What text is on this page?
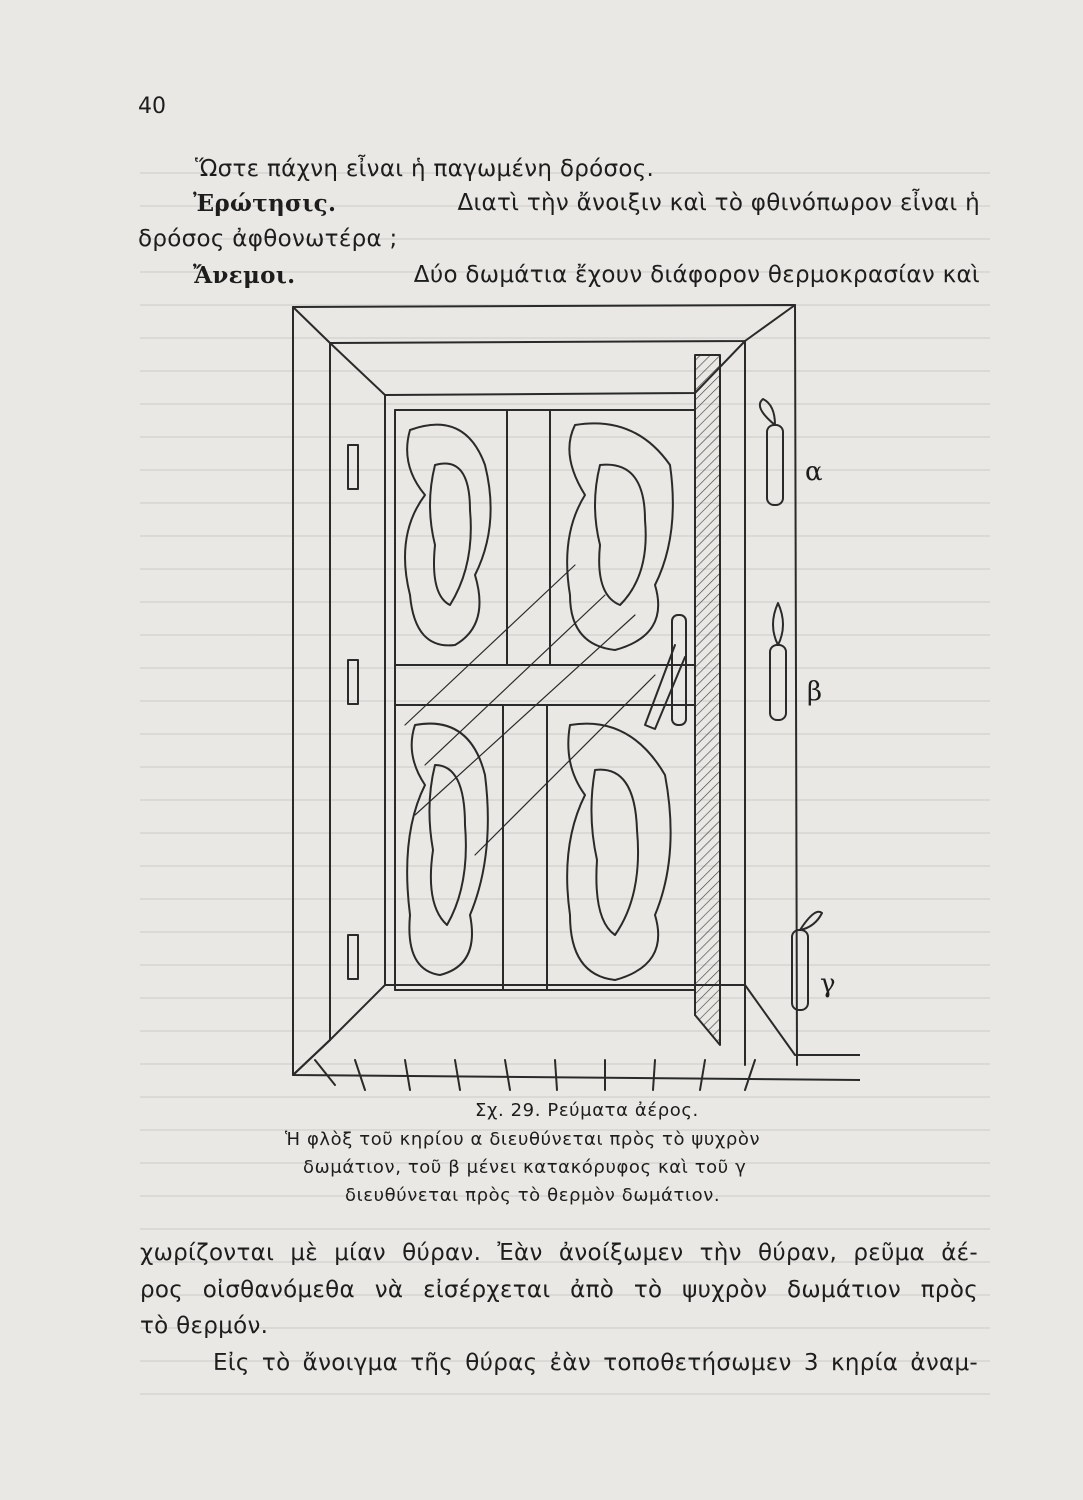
40
Ὥστε πάχνη εἶναι ἡ παγωμένη δρόσος.
Ἐρώτησις.	Διατὶ τὴν ἄνοιξιν καὶ τὸ φθινόπωρον εἶναι ἡ
δρόσος ἀφθονωτέρα ;
Ἄνεμοι.	Δύο δωμάτια ἔχουν διάφορον θερμοκρασίαν καὶ
α
β
γ
Σχ. 29. Ρεύματα ἀέρος.
Ἡ φλὸξ τοῦ κηρίου α διευθύνεται πρὸς τὸ ψυχρὸν
δωμάτιον, τοῦ β μένει κατακόρυφος καὶ τοῦ γ
διευθύνεται πρὸς τὸ θερμὸν δωμάτιον.
χωρίζονται μὲ μίαν θύραν. Ἐὰν ἀνοίξωμεν τὴν θύραν, ρεῦμα ἀέ-
ρος οἰσθανόμεθα νὰ εἰσέρχεται ἀπὸ τὸ ψυχρὸν δωμάτιον πρὸς
τὸ θερμόν.
Εἰς τὸ ἄνοιγμα τῆς θύρας ἐὰν τοποθετήσωμεν 3 κηρία ἀναμ-
